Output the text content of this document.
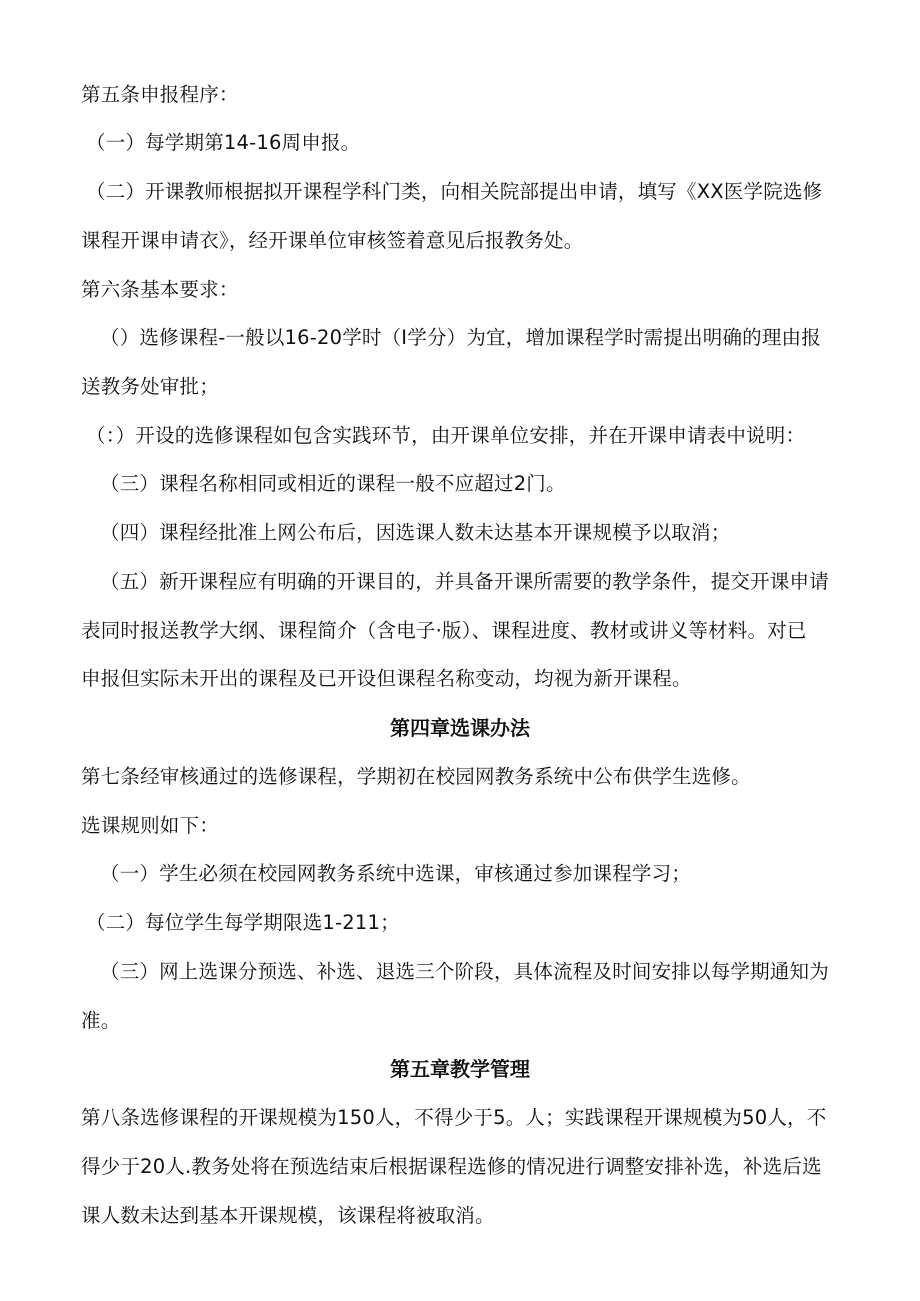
第五条申报程序：
（一）每学期第14-16周申报。
（二）开课教师根据拟开课程学科门类，向相关院部提出申请，填写《XX医学院选修
课程开课申请衣》，经开课单位审核签着意见后报教务处。
第六条基本要求：
（）选修课程-一般以16-20学时（I学分）为宜，增加课程学时需提出明确的理由报
送教务处审批；
（：）开设的选修课程如包含实践环节，由开课单位安排，并在开课申请表中说明：
（三）课程名称相同或相近的课程一般不应超过2门。
（四）课程经批准上网公布后，因选课人数未达基本开课规模予以取消；
（五）新开课程应有明确的开课目的，并具备开课所需要的教学条件，提交开课申请
表同时报送教学大纲、课程简介（含电子·版）、课程进度、教材或讲义等材料。对已
申报但实际未开出的课程及已开设但课程名称变动，均视为新开课程。
第四章选课办法
第七条经审核通过的选修课程，学期初在校园网教务系统中公布供学生选修。
选课规则如下：
（一）学生必须在校园网教务系统中选课，审核通过参加课程学习；
（二）每位学生每学期限选1-211；
（三）网上选课分预选、补选、退选三个阶段，具体流程及时间安排以每学期通知为
准。
第五章教学管理
第八条选修课程的开课规模为150人，不得少于5。人；实践课程开课规模为50人，不
得少于20人.教务处将在预选结束后根据课程选修的情况进行调整安排补选，补选后选
课人数未达到基本开课规模，该课程将被取消。
